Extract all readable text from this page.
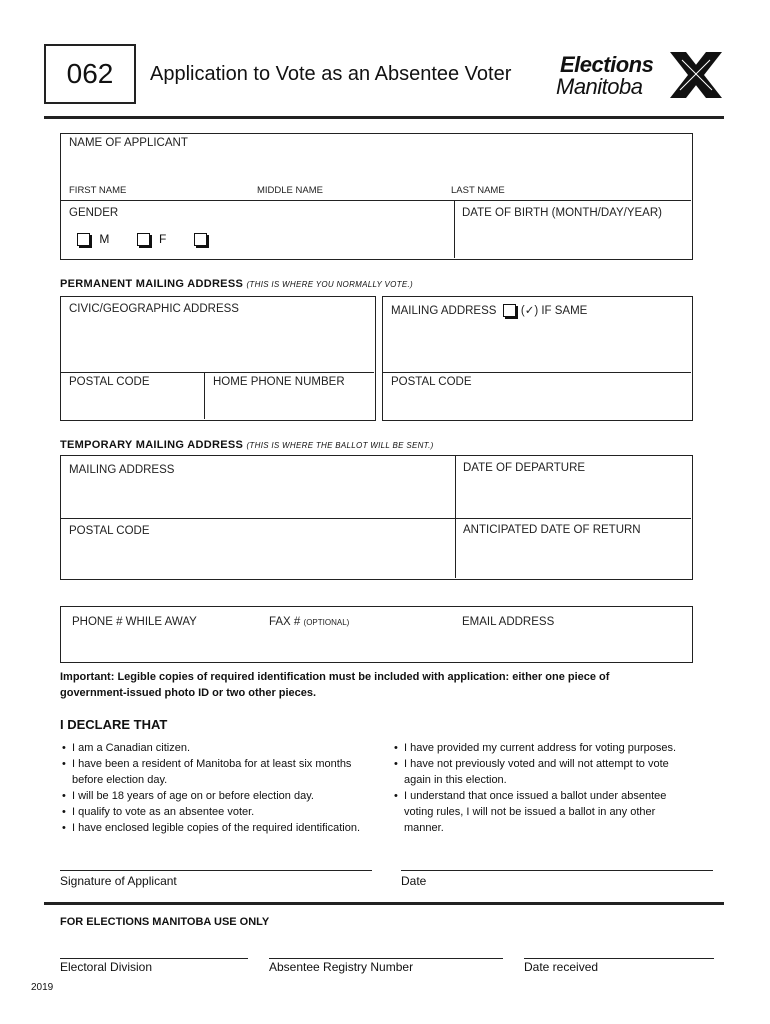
062	Application to Vote as an Absentee Voter Elections
Manitoba
NAME OF APPLICANT
FIRST NAME	MIDDLE NAME	LAST NAME
GENDER
M	F
DATE OF BIRTH (MONTH/DAY/YEAR)
PERMANENT MAILING ADDRESS (THIS IS WHERE YOU NORMALLY VOTE.)
CIVIC/GEOGRAPHIC ADDRESS
POSTAL CODE	HOME PHONE NUMBER
MAILING ADDRESS (✓) IF SAME
POSTAL CODE
TEMPORARY MAILING ADDRESS (THIS IS WHERE THE BALLOT WILL BE SENT.)
MAILING ADDRESS	DATE OF DEPARTURE
POSTAL CODE	ANTICIPATED DATE OF RETURN
PHONE # WHILE AWAY	FAX # (OPTIONAL)	EMAIL ADDRESS
Important: Legible copies of required identification must be included with application: either one piece of government-issued photo ID or two other pieces.
I DECLARE THAT
• I am a Canadian citizen.
• I have been a resident of Manitoba for at least six months before election day.
• I will be 18 years of age on or before election day.
• I qualify to vote as an absentee voter.
• I have enclosed legible copies of the required identification.
• I have provided my current address for voting purposes.
• I have not previously voted and will not attempt to vote again in this election.
• I understand that once issued a ballot under absentee voting rules, I will not be issued a ballot in any other manner.
Signature of Applicant	Date
FOR ELECTIONS MANITOBA USE ONLY
Electoral Division	Absentee Registry Number	Date received
2019
